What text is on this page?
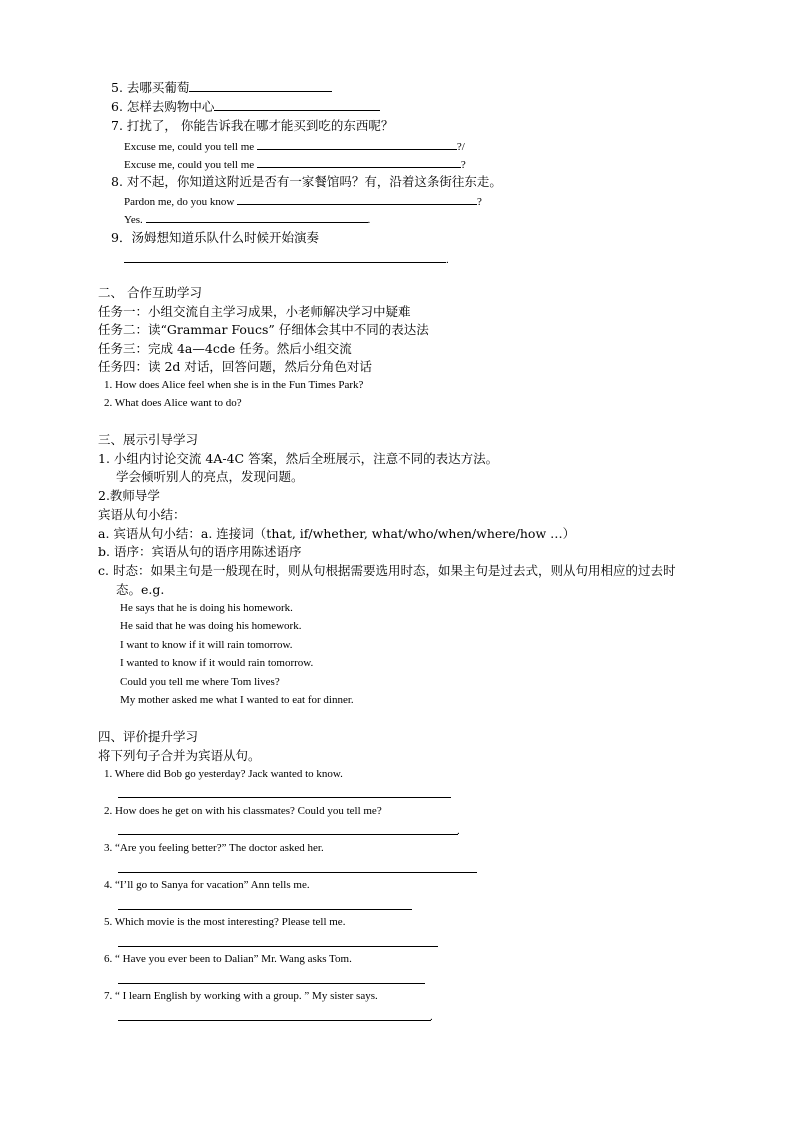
5. 去哪买葡萄
6. 怎样去购物中心
7. 打扰了， 你能告诉我在哪才能买到吃的东西呢？
Excuse me, could you tell me	?/
Excuse me, could you tell me	?
8. 对不起，你知道这附近是否有一家餐馆吗？有，沿着这条街往东走。
Pardon me, do you know	?
Yes.	.
9．汤姆想知道乐队什么时候开始演奏
.
二、 合作互助学习
任务一：小组交流自主学习成果，小老师解决学习中疑难
任务二：读“Grammar Foucs” 仔细体会其中不同的表达法
任务三：完成 4a—4cde 任务。然后小组交流
任务四：读 2d 对话，回答问题，然后分角色对话
1. How does Alice feel when she is in the Fun Times Park?
2. What does Alice want to do?
三、展示引导学习
1. 小组内讨论交流 4A-4C 答案，然后全班展示，注意不同的表达方法。
学会倾听别人的亮点，发现问题。
2.教师导学
宾语从句小结：
a. 宾语从句小结：a. 连接词（that, if/whether, what/who/when/where/how …）
b. 语序：宾语从句的语序用陈述语序
c. 时态：如果主句是一般现在时，则从句根据需要选用时态，如果主句是过去式，则从句用相应的过去时
态。e.g.
He says that he is doing his homework.
He said that he was doing his homework.
I want to know if it will rain tomorrow.
I wanted to know if it would rain tomorrow.
Could you tell me where Tom lives?
My mother asked me what I wanted to eat for dinner.
四、评价提升学习
将下列句子合并为宾语从句。
1. Where did Bob go yesterday? Jack wanted to know.
2. How does he get on with his classmates? Could you tell me?
.
3. “Are you feeling better?” The doctor asked her.
4. “I’ll go to Sanya for vacation” Ann tells me.
5. Which movie is the most interesting? Please tell me.
6. “ Have you ever been to Dalian” Mr. Wang asks Tom.
7. “ I learn English by working with a group. ” My sister says.
.
